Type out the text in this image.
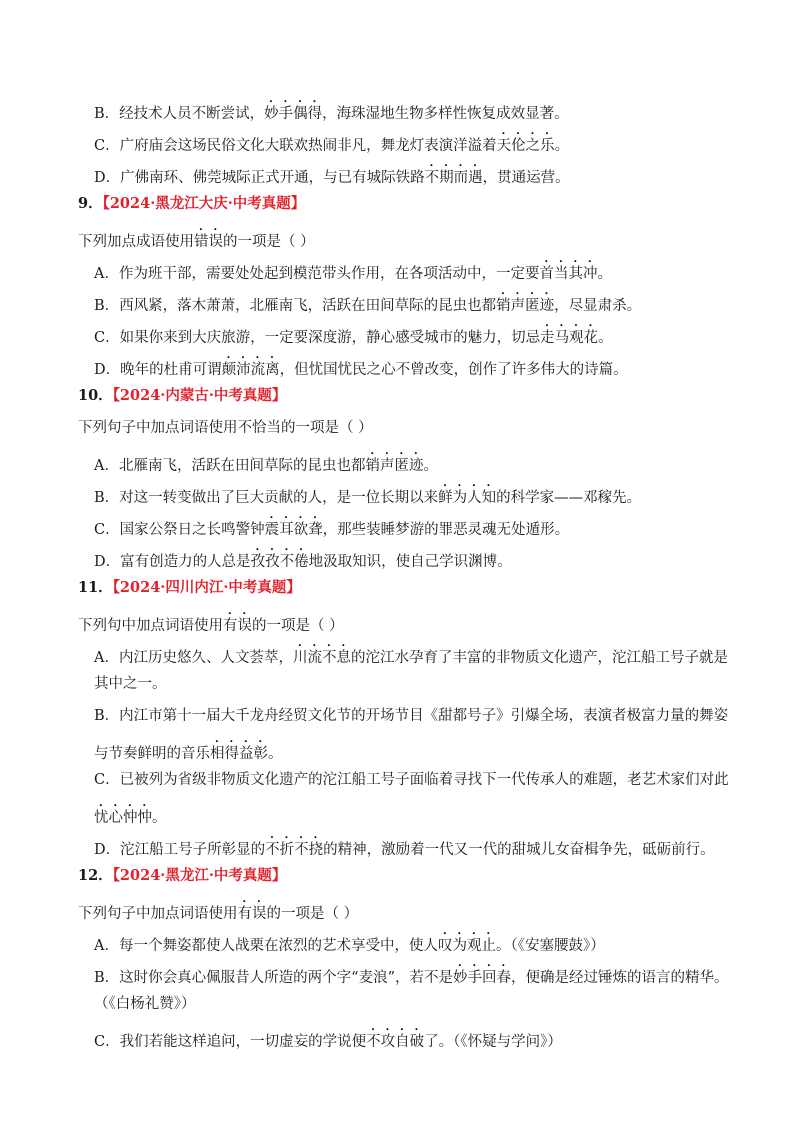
B．经技术人员不断尝试，妙手偶得，海珠湿地生物多样性恢复成效显著。
C．广府庙会这场民俗文化大联欢热闹非凡，舞龙灯表演洋溢着天伦之乐。
D．广佛南环、佛莞城际正式开通，与已有城际铁路不期而遇，贯通运营。
9．【2024·黑龙江大庆·中考真题】
下列加点成语使用错误的一项是（ ）
A．作为班干部，需要处处起到模范带头作用，在各项活动中，一定要首当其冲。
B．西风紧，落木萧萧，北雁南飞，活跃在田间草际的昆虫也都销声匿迹，尽显肃杀。
C．如果你来到大庆旅游，一定要深度游，静心感受城市的魅力，切忌走马观花。
D．晚年的杜甫可谓颠沛流离，但忧国忧民之心不曾改变，创作了许多伟大的诗篇。
10．【2024·内蒙古·中考真题】
下列句子中加点词语使用不恰当的一项是（ ）
A．北雁南飞，活跃在田间草际的昆虫也都销声匿迹。
B．对这一转变做出了巨大贡献的人，是一位长期以来鲜为人知的科学家——邓稼先。
C．国家公祭日之长鸣警钟震耳欲聋，那些装睡梦游的罪恶灵魂无处遁形。
D．富有创造力的人总是孜孜不倦地汲取知识，使自己学识渊博。
11．【2024·四川内江·中考真题】
下列句中加点词语使用有误的一项是（ ）
A．内江历史悠久、人文荟萃，川流不息的沱江水孕育了丰富的非物质文化遗产，沱江船工号子就是
其中之一。
B．内江市第十一届大千龙舟经贸文化节的开场节目《甜都号子》引爆全场，表演者极富力量的舞姿
与节奏鲜明的音乐相得益彰。
C．已被列为省级非物质文化遗产的沱江船工号子面临着寻找下一代传承人的难题，老艺术家们对此
忧心忡忡。
D．沱江船工号子所彰显的不折不挠的精神，激励着一代又一代的甜城儿女奋楫争先，砥砺前行。
12．【2024·黑龙江·中考真题】
下列句子中加点词语使用有误的一项是（ ）
A．每一个舞姿都使人战栗在浓烈的艺术享受中，使人叹为观止。（《安塞腰鼓》）
B．这时你会真心佩服昔人所造的两个字“麦浪”，若不是妙手回春，便确是经过锤炼的语言的精华。
（《白杨礼赞》）
C．我们若能这样追问，一切虚妄的学说便不攻自破了。（《怀疑与学问》）
